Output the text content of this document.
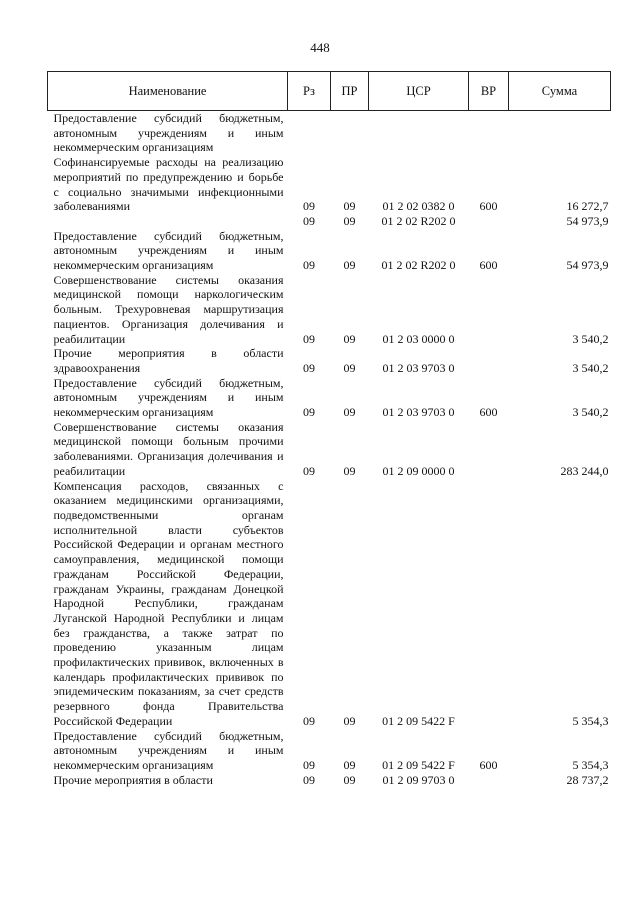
448
Наименование	Рз	ПР	ЦСР	ВР	Сумма
Предоставление субсидий бюджетным, автономным учреждениям и иным некоммерческим организациям					
Софинансируемые расходы на реализацию мероприятий по предупреждению и борьбе с социально значимыми инфекционными заболеваниями	09	09	01 2 02 0382 0	600	16 272,7
	09	09	01 2 02 R202 0		54 973,9
Предоставление субсидий бюджетным, автономным учреждениям и иным некоммерческим организациям	09	09	01 2 02 R202 0	600	54 973,9
Совершенствование системы оказания медицинской помощи наркологическим больным. Трехуровневая маршрутизация пациентов. Организация долечивания и реабилитации	09	09	01 2 03 0000 0		3 540,2
Прочие мероприятия в области здравоохранения	09	09	01 2 03 9703 0		3 540,2
Предоставление субсидий бюджетным, автономным учреждениям и иным некоммерческим организациям	09	09	01 2 03 9703 0	600	3 540,2
Совершенствование системы оказания медицинской помощи больным прочими заболеваниями. Организация долечивания и реабилитации	09	09	01 2 09 0000 0		283 244,0
Компенсация расходов, связанных с оказанием медицинскими организациями, подведомственными органам исполнительной власти субъектов Российской Федерации и органам местного самоуправления, медицинской помощи гражданам Российской Федерации, гражданам Украины, гражданам Донецкой Народной Республики, гражданам Луганской Народной Республики и лицам без гражданства, а также затрат по проведению указанным лицам профилактических прививок, включенных в календарь профилактических прививок по эпидемическим показаниям, за счет средств резервного фонда Правительства Российской Федерации	09	09	01 2 09 5422 F		5 354,3
Предоставление субсидий бюджетным, автономным учреждениям и иным некоммерческим организациям	09	09	01 2 09 5422 F	600	5 354,3
Прочие мероприятия в области	09	09	01 2 09 9703 0		28 737,2
